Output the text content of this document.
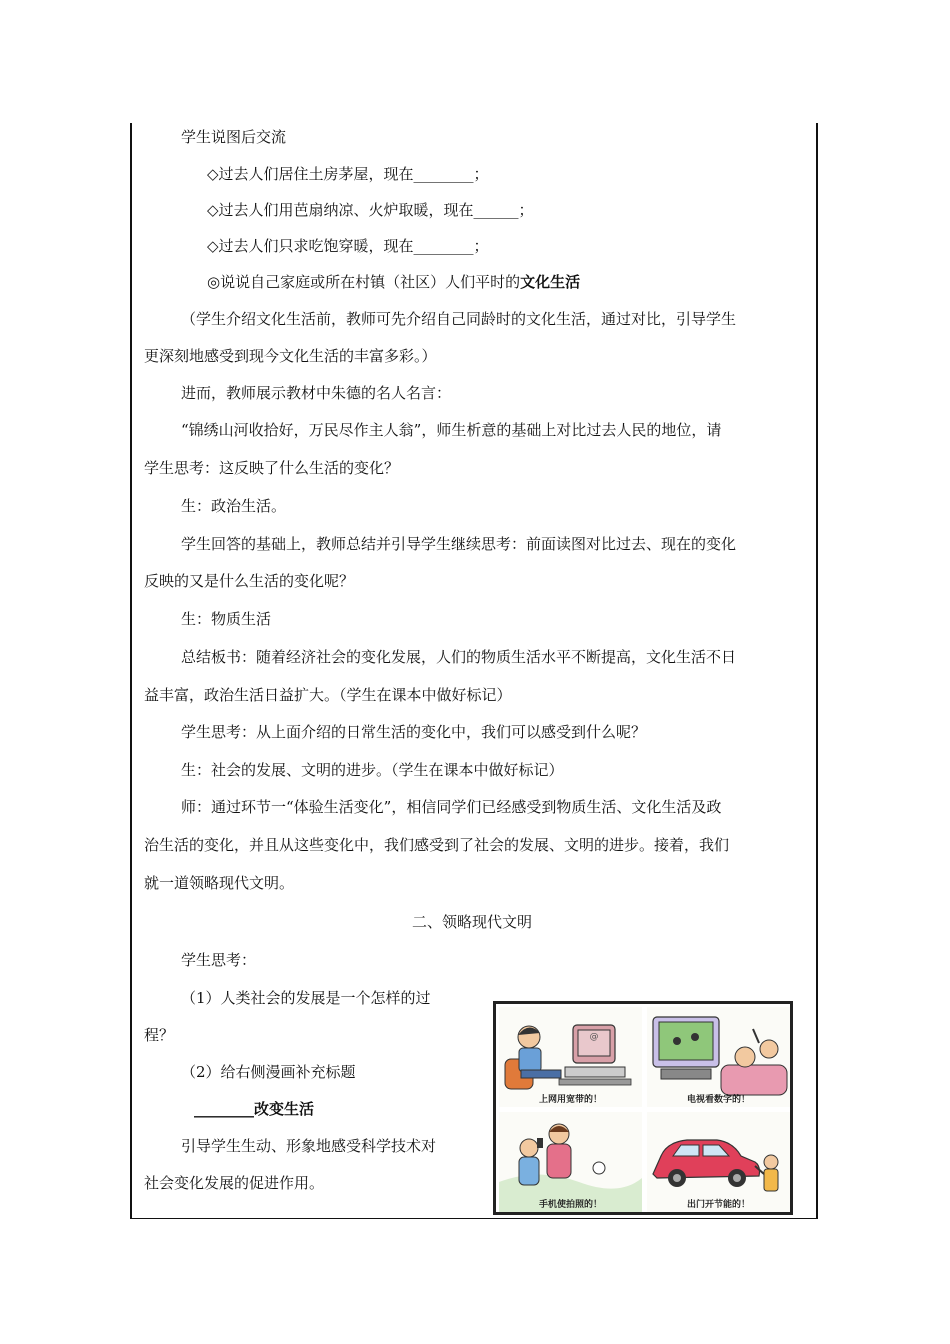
学生说图后交流
◇过去人们居住土房茅屋，现在________；
◇过去人们用芭扇纳凉、火炉取暖，现在______；
◇过去人们只求吃饱穿暖，现在________；
◎说说自己家庭或所在村镇（社区）人们平时的文化生活
（学生介绍文化生活前，教师可先介绍自己同龄时的文化生活，通过对比，引导学生
更深刻地感受到现今文化生活的丰富多彩。）
进而，教师展示教材中朱德的名人名言：
“锦绣山河收拾好，万民尽作主人翁”，师生析意的基础上对比过去人民的地位，请
学生思考：这反映了什么生活的变化？
生：政治生活。
学生回答的基础上，教师总结并引导学生继续思考：前面读图对比过去、现在的变化
反映的又是什么生活的变化呢？
生：物质生活
总结板书：随着经济社会的变化发展，人们的物质生活水平不断提高，文化生活不日
益丰富，政治生活日益扩大。（学生在课本中做好标记）
学生思考：从上面介绍的日常生活的变化中，我们可以感受到什么呢？
生：社会的发展、文明的进步。（学生在课本中做好标记）
师：通过环节一“体验生活变化”，相信同学们已经感受到物质生活、文化生活及政
治生活的变化，并且从这些变化中，我们感受到了社会的发展、文明的进步。接着，我们
就一道领略现代文明。
二、领略现代文明
学生思考：
（1）人类社会的发展是一个怎样的过
程？
（2）给右侧漫画补充标题
________改变生活
引导学生生动、形象地感受科学技术对
社会变化发展的促进作用。
@
上网用宽带的！	电视看数字的！
手机使拍照的！	出门开节能的！
